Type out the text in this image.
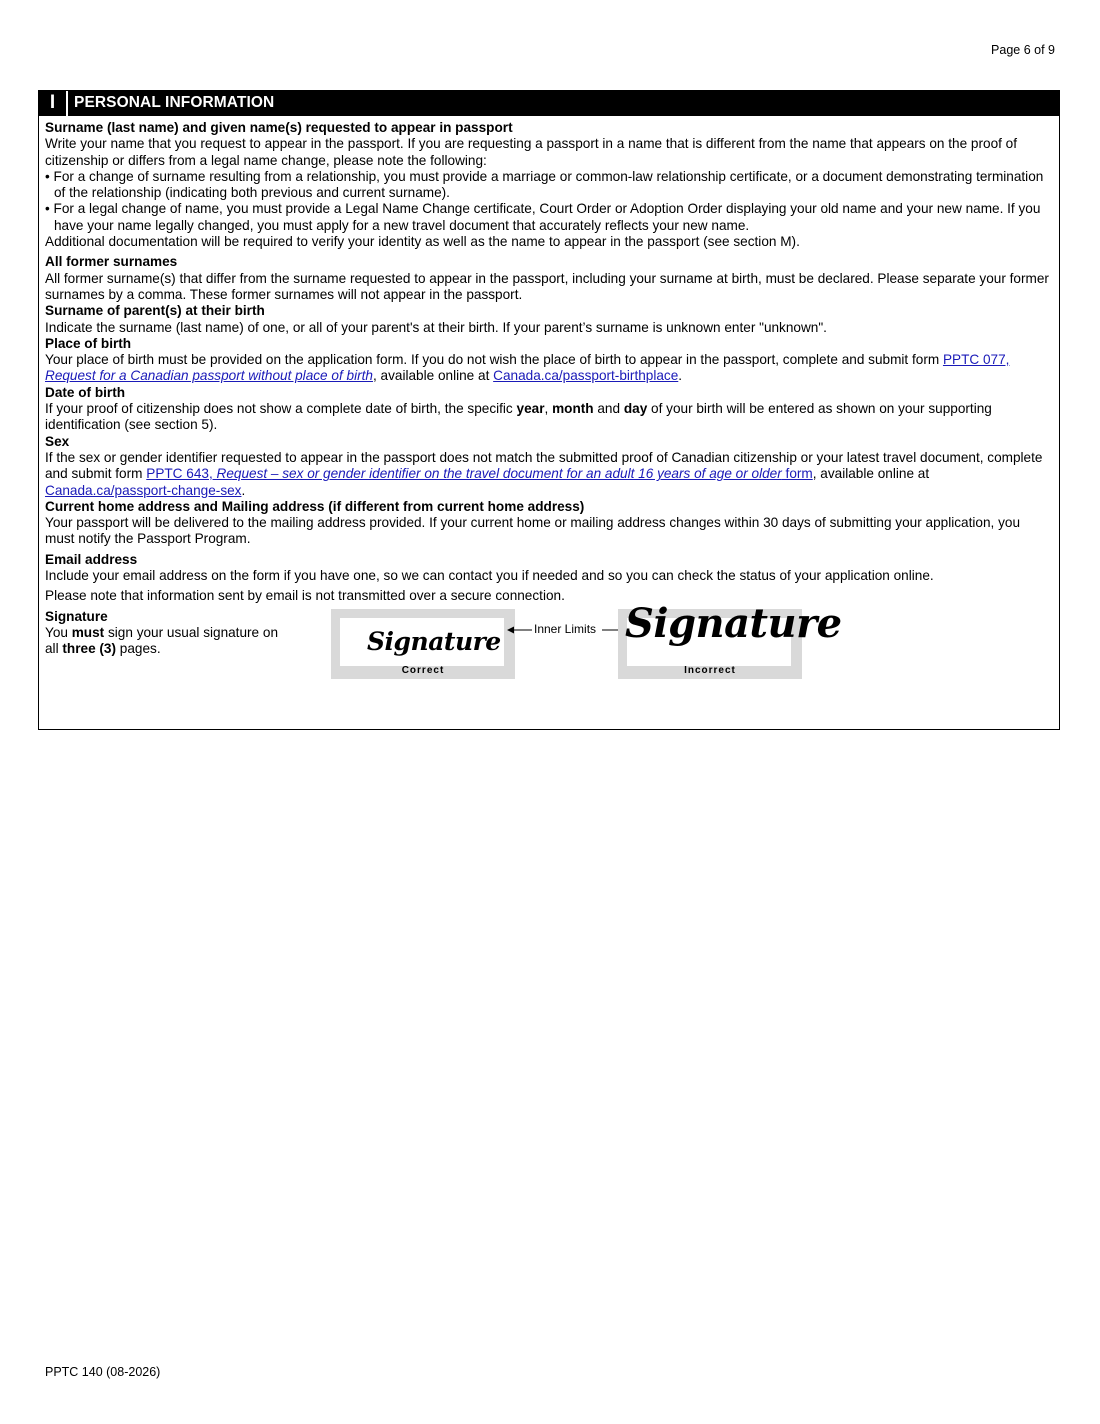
Page 6 of 9
I	PERSONAL INFORMATION
Surname (last name) and given name(s) requested to appear in passport

Write your name that you request to appear in the passport. If you are requesting a passport in a name that is different from the name that appears on the proof of citizenship or differs from a legal name change, please note the following:

• For a change of surname resulting from a relationship, you must provide a marriage or common-law relationship certificate, or a document demonstrating termination of the relationship (indicating both previous and current surname).

• For a legal change of name, you must provide a Legal Name Change certificate, Court Order or Adoption Order displaying your old name and your new name. If you have your name legally changed, you must apply for a new travel document that accurately reflects your new name.

Additional documentation will be required to verify your identity as well as the name to appear in the passport (see section M).

All former surnames

All former surname(s) that differ from the surname requested to appear in the passport, including your surname at birth, must be declared. Please separate your former surnames by a comma. These former surnames will not appear in the passport.

Surname of parent(s) at their birth

Indicate the surname (last name) of one, or all of your parent's at their birth. If your parent’s surname is unknown enter "unknown".

Place of birth

Your place of birth must be provided on the application form. If you do not wish the place of birth to appear in the passport, complete and submit form PPTC 077, Request for a Canadian passport without place of birth, available online at Canada.ca/passport-birthplace.

Date of birth

If your proof of citizenship does not show a complete date of birth, the specific year, month and day of your birth will be entered as shown on your supporting identification (see section 5).

Sex

If the sex or gender identifier requested to appear in the passport does not match the submitted proof of Canadian citizenship or your latest travel document, complete and submit form PPTC 643, Request – sex or gender identifier on the travel document for an adult 16 years of age or older form, available online at Canada.ca/passport-change-sex.

Current home address and Mailing address (if different from current home address)

Your passport will be delivered to the mailing address provided. If your current home or mailing address changes within 30 days of submitting your application, you must notify the Passport Program.

Email address

Include your email address on the form if you have one, so we can contact you if needed and so you can check the status of your application online.

Please note that information sent by email is not transmitted over a secure connection.

Signature
You must sign your usual signature on all three (3) pages.	Signature
Correct
Inner Limits
Incorrect
Signature
PPTC 140 (08-2026)
